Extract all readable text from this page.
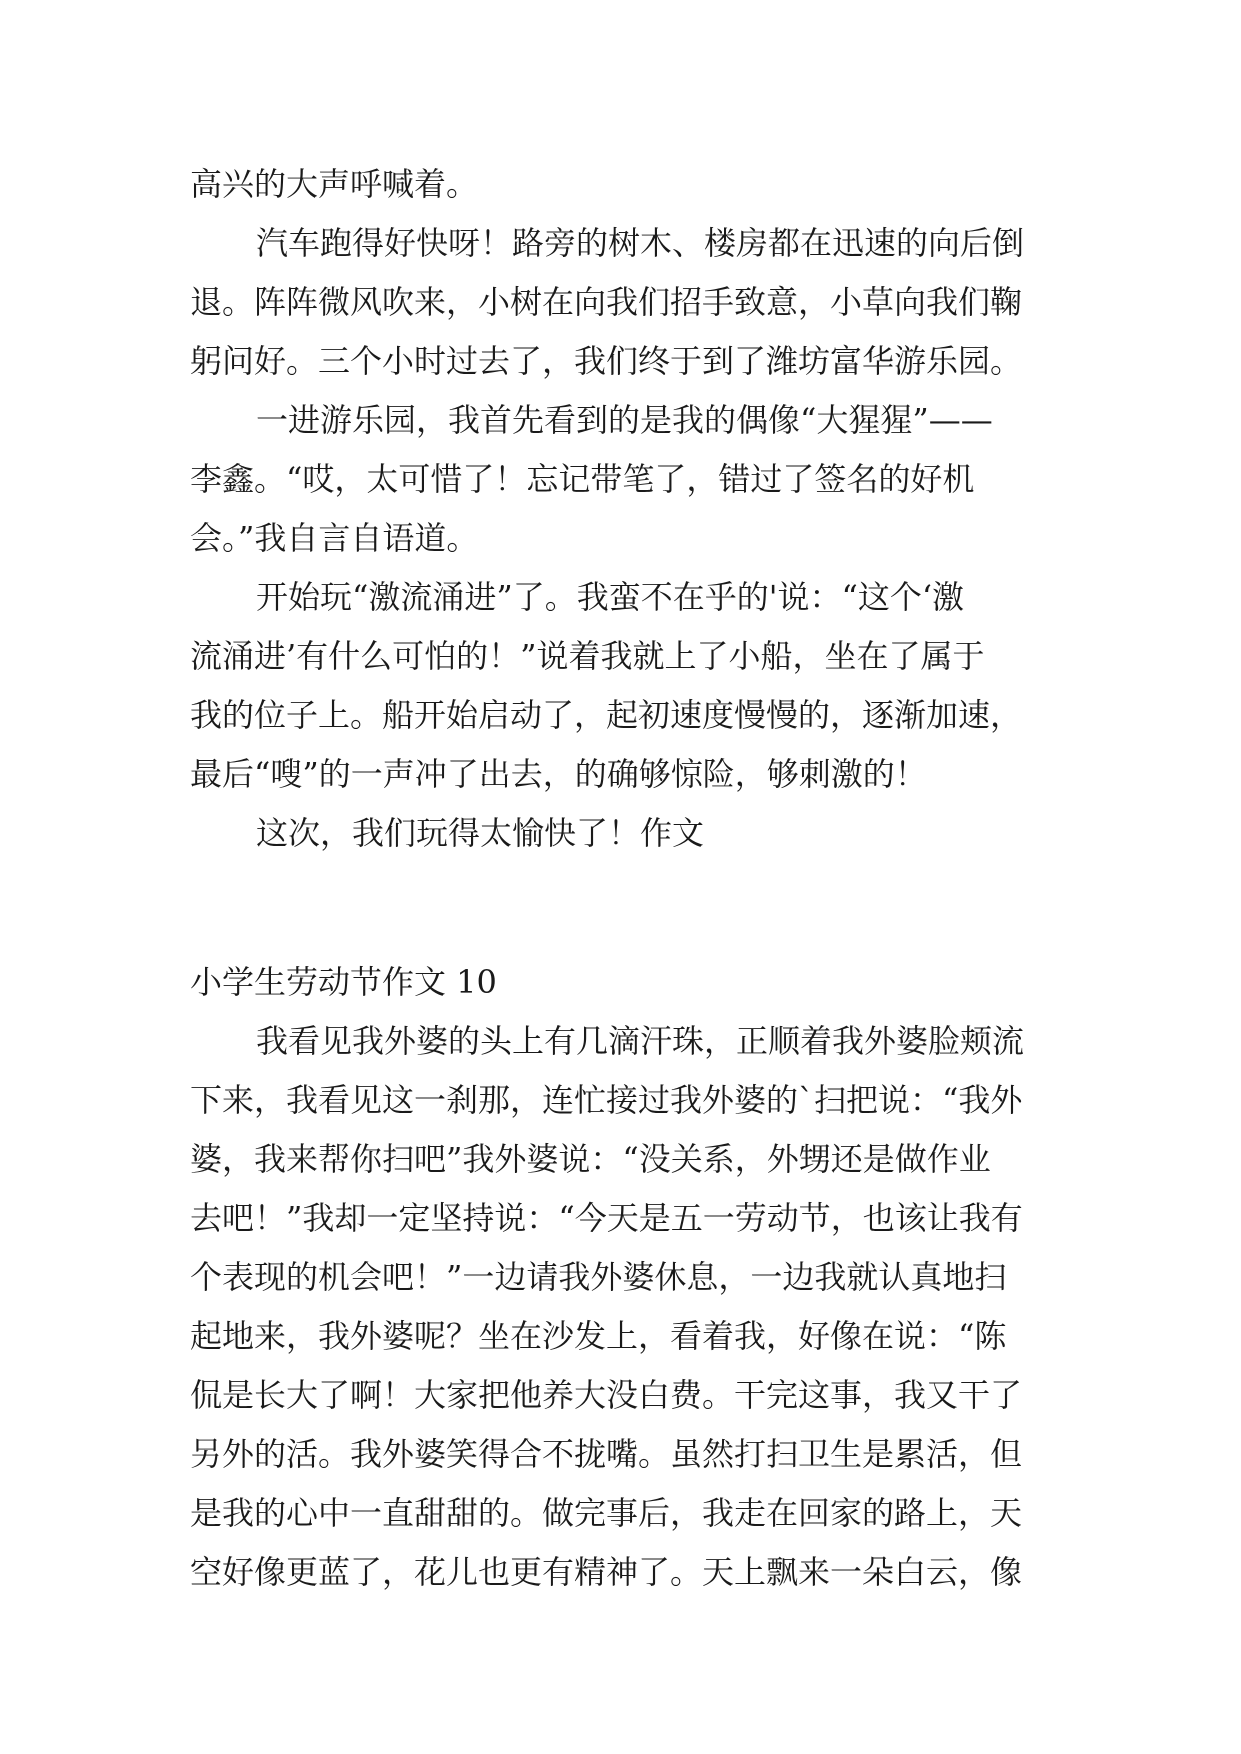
高兴的大声呼喊着。
汽车跑得好快呀！路旁的树木、楼房都在迅速的向后倒
退。阵阵微风吹来，小树在向我们招手致意，小草向我们鞠
躬问好。三个小时过去了，我们终于到了潍坊富华游乐园。
一进游乐园，我首先看到的是我的偶像“大猩猩”——
李鑫。“哎，太可惜了！忘记带笔了，错过了签名的好机
会。”我自言自语道。
开始玩“激流涌进”了。我蛮不在乎的'说：“这个‘激
流涌进’有什么可怕的！”说着我就上了小船，坐在了属于
我的位子上。船开始启动了，起初速度慢慢的，逐渐加速，
最后“嗖”的一声冲了出去，的确够惊险，够刺激的！
这次，我们玩得太愉快了！作文
小学生劳动节作文 10
我看见我外婆的头上有几滴汗珠，正顺着我外婆脸颊流
下来，我看见这一刹那，连忙接过我外婆的`扫把说：“我外
婆，我来帮你扫吧”我外婆说：“没关系，外甥还是做作业
去吧！”我却一定坚持说：“今天是五一劳动节，也该让我有
个表现的机会吧！”一边请我外婆休息，一边我就认真地扫
起地来，我外婆呢？坐在沙发上，看着我，好像在说：“陈
侃是长大了啊！大家把他养大没白费。干完这事，我又干了
另外的活。我外婆笑得合不拢嘴。虽然打扫卫生是累活，但
是我的心中一直甜甜的。做完事后，我走在回家的路上，天
空好像更蓝了，花儿也更有精神了。天上飘来一朵白云，像
